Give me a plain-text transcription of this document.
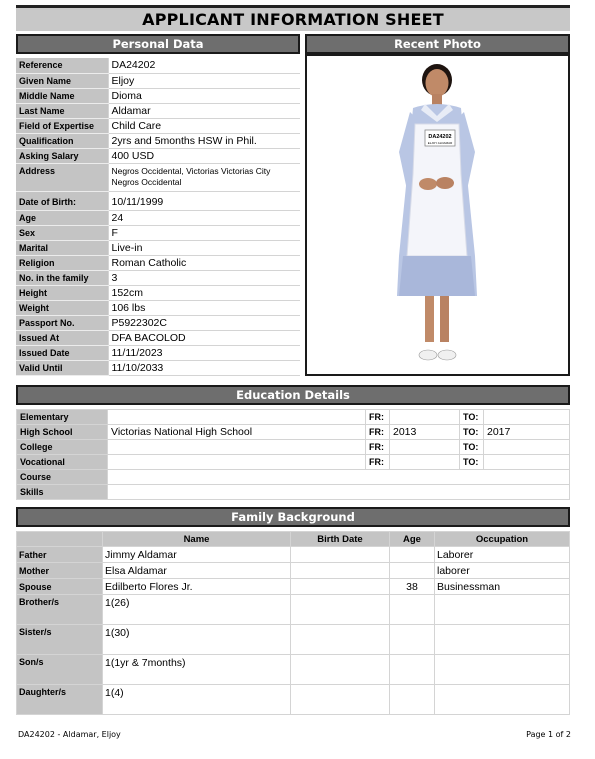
APPLICANT INFORMATION SHEET
Personal Data
Reference	DA24202
Given Name	Eljoy
Middle Name	Dioma
Last Name	Aldamar
Field of Expertise	Child Care
Qualification	2yrs and 5months HSW in Phil.
Asking Salary	400 USD
Address	Negros Occidental, Victorias Victorias City Negros Occidental

Date of Birth:	10/11/1999
Age	24
Sex	F
Marital	Live-in
Religion	Roman Catholic
No. in the family	3
Height	152cm
Weight	106 lbs
Passport No.	P5922302C
Issued At	DFA BACOLOD
Issued Date	11/11/2023
Valid Until	11/10/2033
Recent Photo
DA24202
ELJOY ALDAMAR
Education Details
Elementary		FR:		TO:	
High School	Victorias National High School	FR:	2013	TO:	2017
College		FR:		TO:	
Vocational		FR:		TO:	
Course					
Skills					
Family Background
	Name	Birth Date	Age	Occupation
Father	Jimmy Aldamar			Laborer
Mother	Elsa Aldamar			laborer
Spouse	Edilberto Flores Jr.		38	Businessman
Brother/s	1(26)			
Sister/s	1(30)			
Son/s	1(1yr & 7months)			
Daughter/s	1(4)			
DA24202 - Aldamar, Eljoy	Page 1 of 2
